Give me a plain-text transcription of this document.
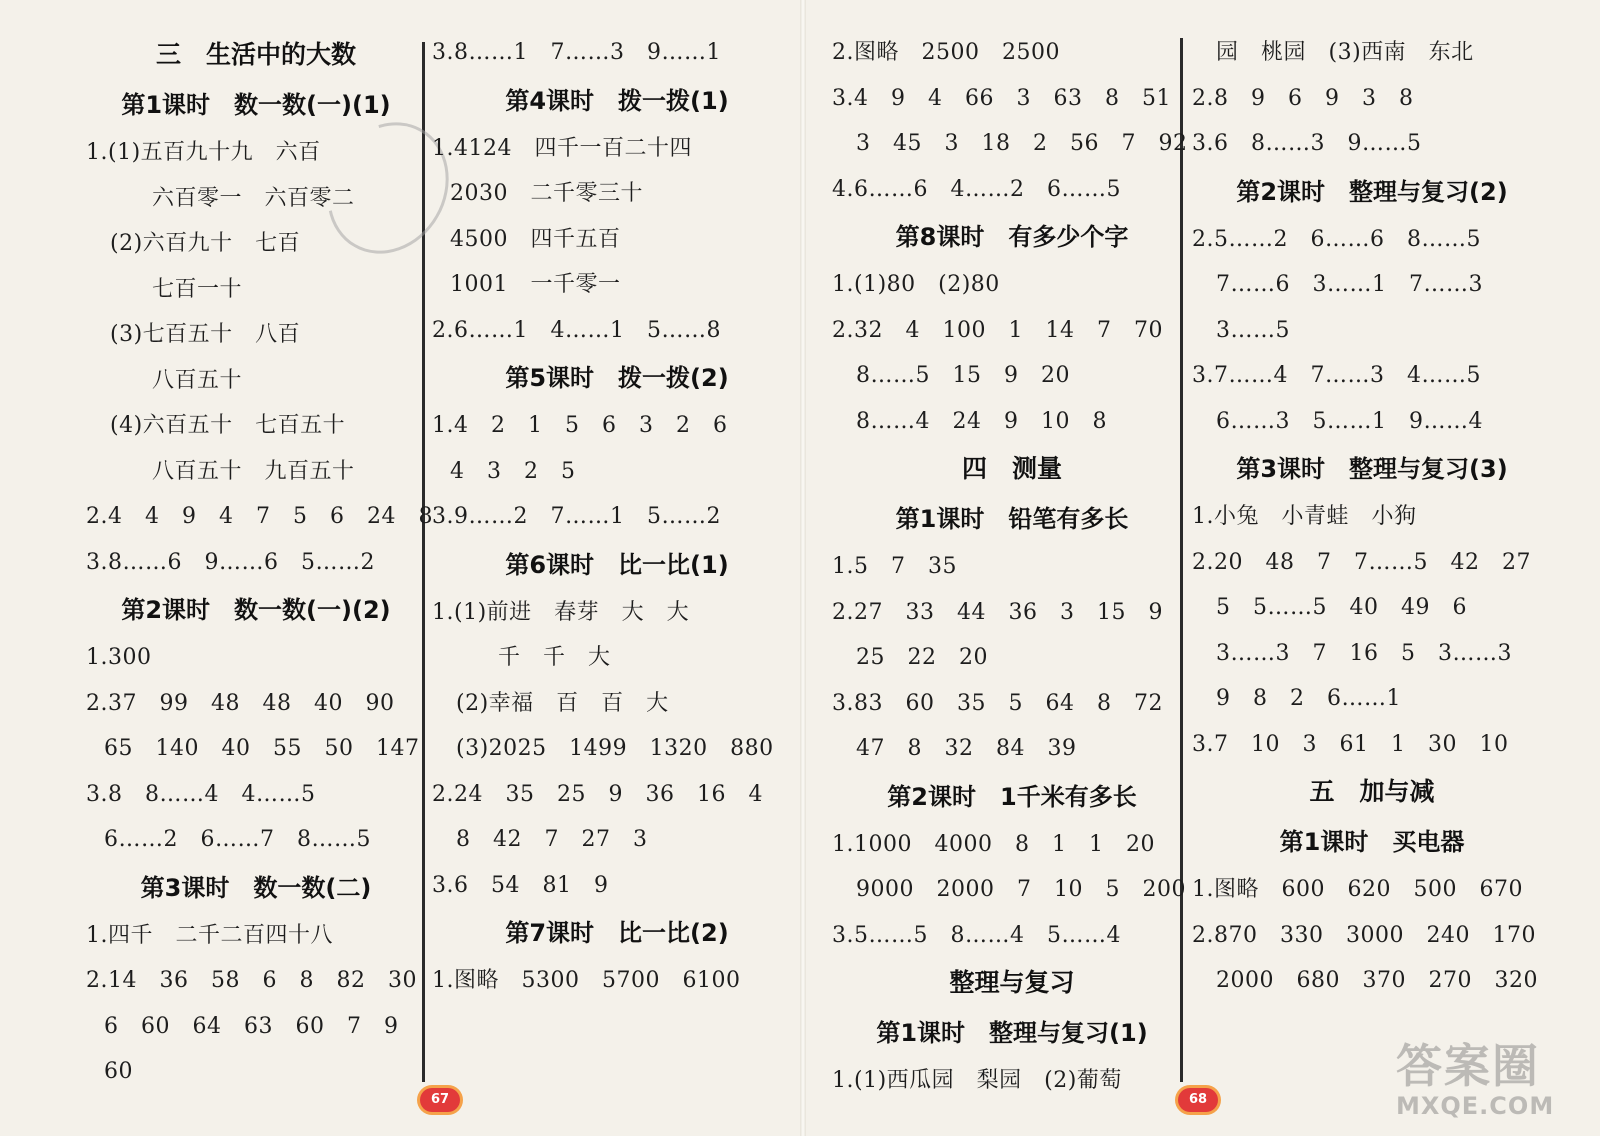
三　生活中的大数
第1课时　数一数(一)(1)
1.(1)五百九十九　六百
六百零一　六百零二
(2)六百九十　七百
七百一十
(3)七百五十　八百
八百五十
(4)六百五十　七百五十
八百五十　九百五十
2.4　4　9　4　7　5　6　24　8
3.8……6　9……6　5……2
第2课时　数一数(一)(2)
1.300
2.37　99　48　48　40　90
65　140　40　55　50　147
3.8　8……4　4……5
6……2　6……7　8……5
第3课时　数一数(二)
1.四千　二千二百四十八
2.14　36　58　6　8　82　30
6　60　64　63　60　7　9
60
3.8……1　7……3　9……1
第4课时　拨一拨(1)
1.4124　四千一百二十四
2030　二千零三十
4500　四千五百
1001　一千零一
2.6……1　4……1　5……8
第5课时　拨一拨(2)
1.4　2　1　5　6　3　2　6
4　3　2　5
3.9……2　7……1　5……2
第6课时　比一比(1)
1.(1)前进　春芽　大　大
千　千　大
(2)幸福　百　百　大
(3)2025　1499　1320　880
2.24　35　25　9　36　16　4
8　42　7　27　3
3.6　54　81　9
第7课时　比一比(2)
1.图略　5300　5700　6100
2.图略　2500　2500
3.4　9　4　66　3　63　8　51
3　45　3　18　2　56　7　92
4.6……6　4……2　6……5
第8课时　有多少个字
1.(1)80　(2)80
2.32　4　100　1　14　7　70
8……5　15　9　20
8……4　24　9　10　8
四　测量
第1课时　铅笔有多长
1.5　7　35
2.27　33　44　36　3　15　9
25　22　20
3.83　60　35　5　64　8　72
47　8　32　84　39
第2课时　1千米有多长
1.1000　4000　8　1　1　20
9000　2000　7　10　5　200
3.5……5　8……4　5……4
整理与复习
第1课时　整理与复习(1)
1.(1)西瓜园　梨园　(2)葡萄
园　桃园　(3)西南　东北
2.8　9　6　9　3　8
3.6　8……3　9……5
第2课时　整理与复习(2)
2.5……2　6……6　8……5
7……6　3……1　7……3
3……5
3.7……4　7……3　4……5
6……3　5……1　9……4
第3课时　整理与复习(3)
1.小兔　小青蛙　小狗
2.20　48　7　7……5　42　27
5　5……5　40　49　6
3……3　7　16　5　3……3
9　8　2　6……1
3.7　10　3　61　1　30　10
五　加与减
第1课时　买电器
1.图略　600　620　500　670
2.870　330　3000　240　170
2000　680　370　270　320
67	68
答案圈
MXQE.COM
